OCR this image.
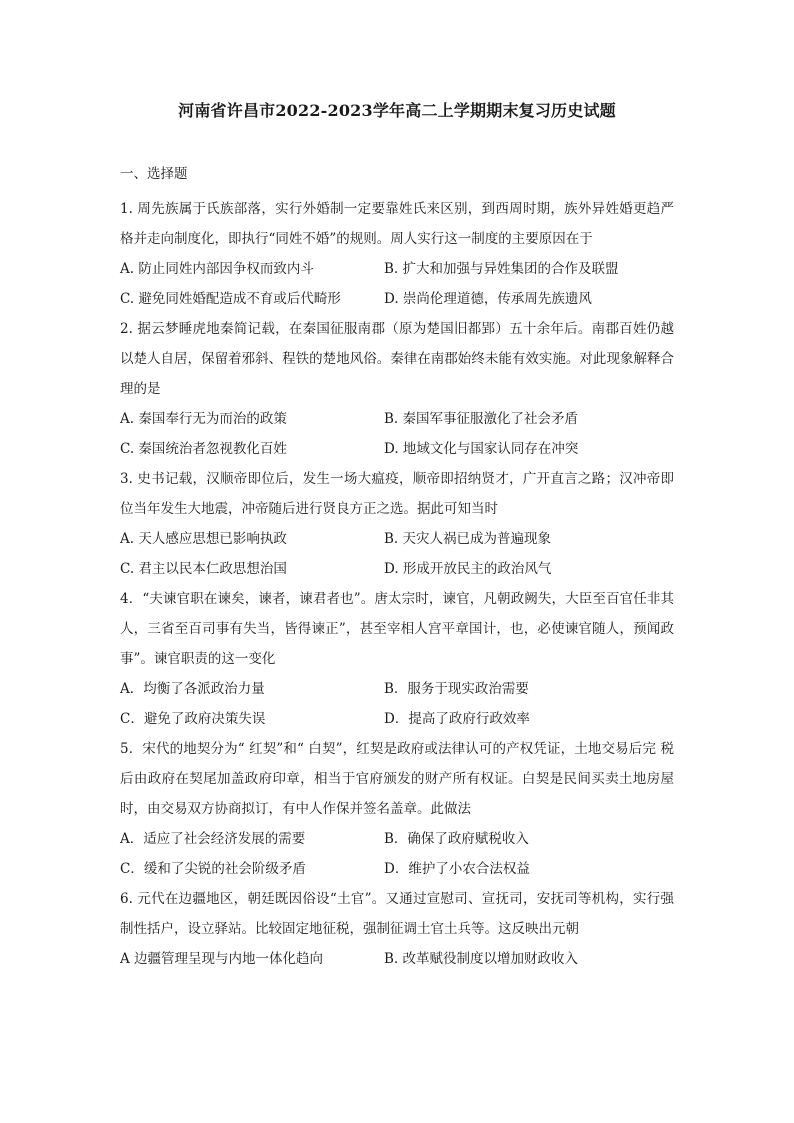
河南省许昌市2022-2023学年高二上学期期末复习历史试题
一、选择题

1. 周先族属于氏族部落，实行外婚制一定要靠姓氏来区别，到西周时期，族外异姓婚更趋严格并走向制度化，即执行“同姓不婚”的规则。周人实行这一制度的主要原因在于

A. 防止同姓内部因争权而致内斗	B. 扩大和加强与异姓集团的合作及联盟
C. 避免同姓婚配造成不育或后代畸形	D. 崇尚伦理道德，传承周先族遗风

2. 据云梦睡虎地秦简记载，在秦国征服南郡（原为楚国旧都郢）五十余年后。南郡百姓仍越以楚人自居，保留着邪斜、程铁的楚地风俗。秦律在南郡始终未能有效实施。对此现象解释合理的是

A. 秦国奉行无为而治的政策	B. 秦国军事征服激化了社会矛盾
C. 秦国统治者忽视教化百姓	D. 地域文化与国家认同存在冲突

3. 史书记载，汉顺帝即位后，发生一场大瘟疫，顺帝即招纳贤才，广开直言之路；汉冲帝即位当年发生大地震，冲帝随后进行贤良方正之选。据此可知当时

A. 天人感应思想已影响执政	B. 天灾人祸已成为普遍现象
C. 君主以民本仁政思想治国	D. 形成开放民主的政治风气

4．“夫谏官职在谏矣，谏者，谏君者也”。唐太宗时，谏官，凡朝政阙失，大臣至百官任非其人，三省至百司事有失当，皆得谏正”，甚至宰相人宫平章国计，也，必使谏官随人，预闻政事”。谏官职责的这一变化

A．均衡了各派政治力量	B．服务于现实政治需要
C．避免了政府决策失误	D．提高了政府行政效率

5．宋代的地契分为“ 红契”和“ 白契”，红契是政府或法律认可的产权凭证，土地交易后完 税后由政府在契尾加盖政府印章，相当于官府颁发的财产所有权证。白契是民间买卖土地房屋时，由交易双方协商拟订，有中人作保并签名盖章。此做法

A．适应了社会经济发展的需要	B．确保了政府赋税收入
C．缓和了尖锐的社会阶级矛盾	D．维护了小农合法权益

6. 元代在边疆地区，朝廷既因俗设“土官”。又通过宣慰司、宣抚司，安抚司等机构，实行强制性括户，设立驿站。比较固定地征税，强制征调土官土兵等。这反映出元朝

A 边疆管理呈现与内地一体化趋向	B. 改革赋役制度以增加财政收入
